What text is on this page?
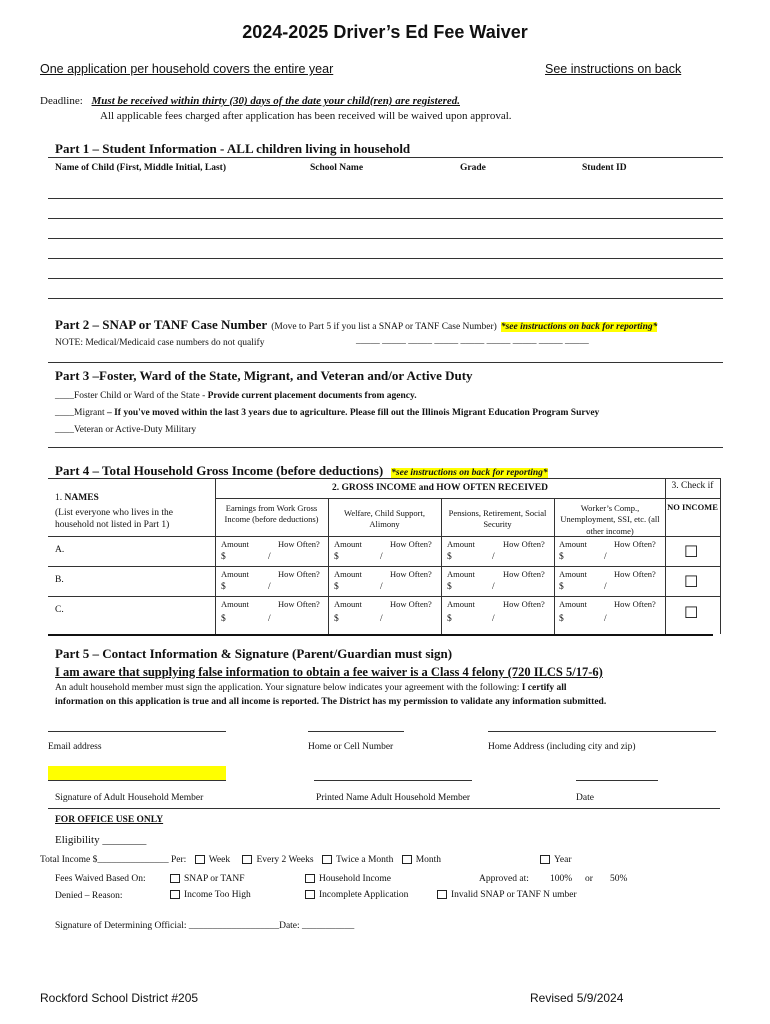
2024-2025 Driver’s Ed Fee Waiver
One application per household covers the entire year	See instructions on back
Deadline: Must be received within thirty (30) days of the date your child(ren) are registered.
All applicable fees charged after application has been received will be waived upon approval.
Part 1 – Student Information - ALL children living in household
Name of Child (First, Middle Initial, Last)	School Name	Grade	Student ID
Part 2 – SNAP or TANF Case Number (Move to Part 5 if you list a SNAP or TANF Case Number) *see instructions on back for reporting*
NOTE: Medical/Medicaid case numbers do not qualify	_____ _____ _____ _____ _____ _____ _____ _____ _____
Part 3 –Foster, Ward of the State, Migrant, and Veteran and/or Active Duty
____Foster Child or Ward of the State - Provide current placement documents from agency.
____Migrant – If you've moved within the last 3 years due to agriculture. Please fill out the Illinois Migrant Education Program Survey
____Veteran or Active-Duty Military
Part 4 – Total Household Gross Income (before deductions) *see instructions on back for reporting*
2. GROSS INCOME and HOW OFTEN RECEIVED	3. Check if
NO INCOME
1. NAMES
(List everyone who lives in the household not listed in Part 1)
Earnings from Work Gross Income (before deductions)
Welfare, Child Support, Alimony
Pensions, Retirement, Social Security
Worker’s Comp., Unemployment, SSI, etc. (all other income)
A.
Amount	How Often?
$	/
Amount	How Often?
$	/
Amount	How Often?
$	/
Amount	How Often?
$	/	☐
B.
Amount	How Often?
$	/
Amount	How Often?
$	/
Amount	How Often?
$	/
Amount	How Often?
$	/	☐
C.
Amount	How Often?
$	/
Amount	How Often?
$	/
Amount	How Often?
$	/
Amount	How Often?
$	/	☐
Part 5 – Contact Information & Signature (Parent/Guardian must sign)
I am aware that supplying false information to obtain a fee waiver is a Class 4 felony (720 ILCS 5/17-6)
An adult household member must sign the application. Your signature below indicates your agreement with the following: I certify all
information on this application is true and all income is reported. The District has my permission to validate any information submitted.
Email address	Home or Cell Number	Home Address (including city and zip)
Signature of Adult Household Member	Printed Name Adult Household Member	Date
FOR OFFICE USE ONLY
Eligibility ________
Total Income $_______________ Per: Week	Every 2 Weeks Twice a Month Month	Year
Fees Waived Based On:	SNAP or TANF	Household Income	Approved at: 100% or 50%
Denied – Reason:	Income Too High	Incomplete Application	Invalid SNAP or TANF N umber
Signature of Determining Official: ___________________Date: ___________
Rockford School District #205	Revised 5/9/2024
